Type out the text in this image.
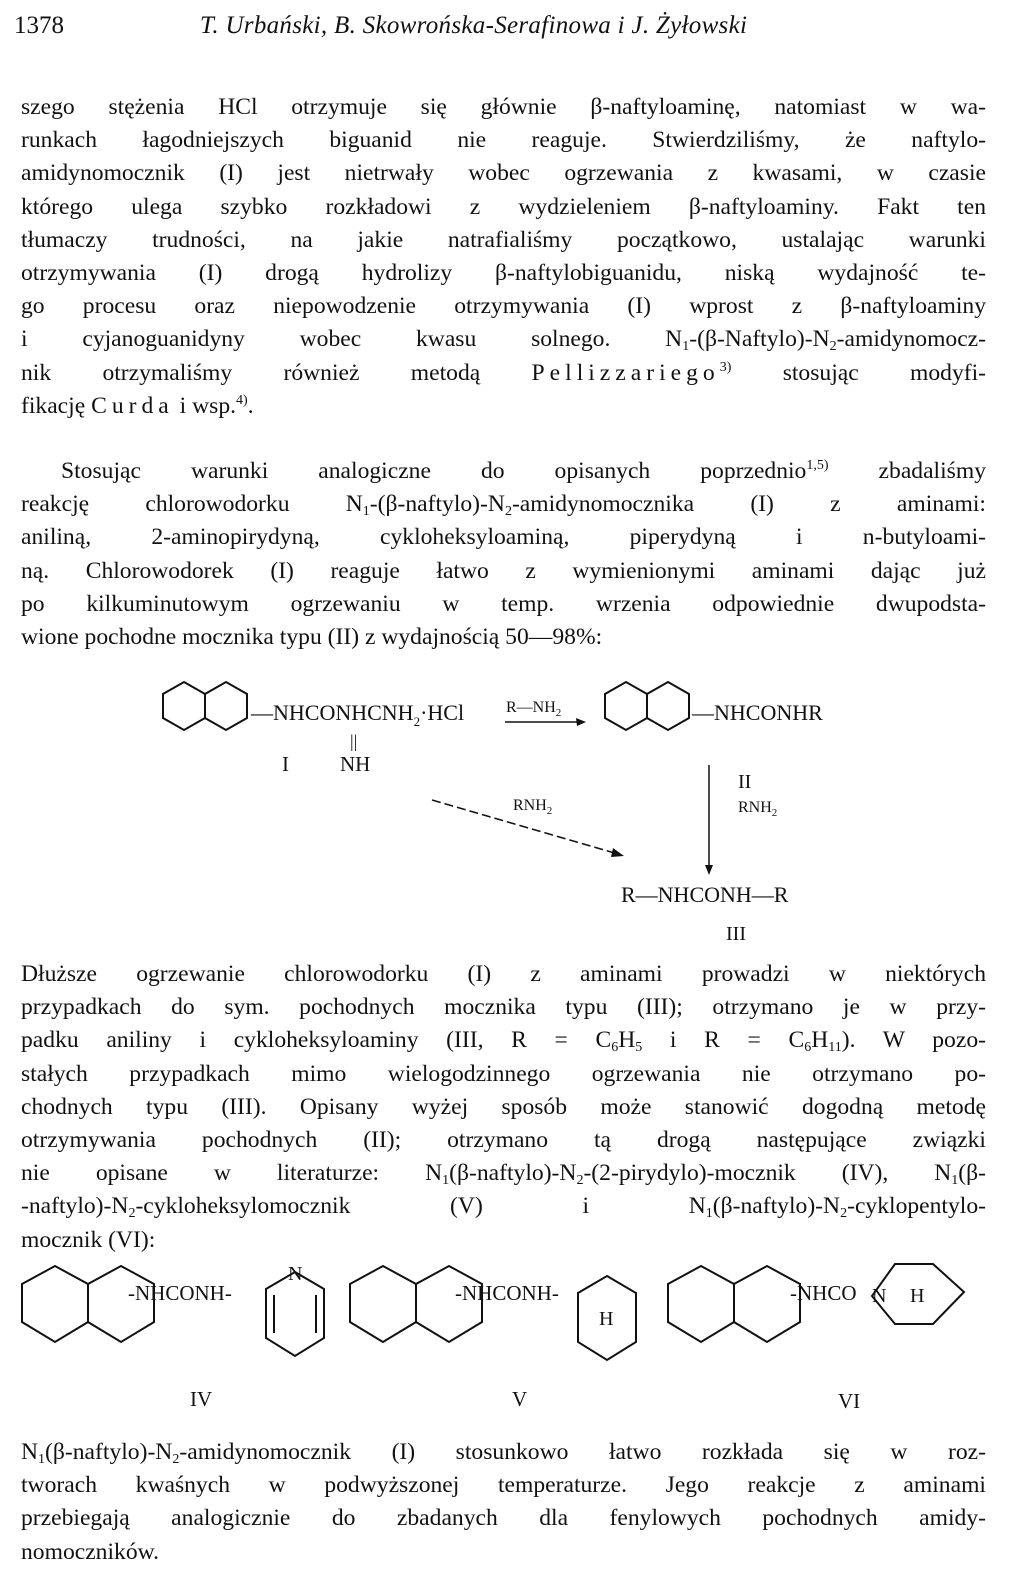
1378	T. Urbański, B. Skowrońska-Serafinowa i J. Żyłowski
szego stężenia HCl otrzymuje się głównie β-naftyloaminę, natomiast w wa-
runkach łagodniejszych biguanid nie reaguje. Stwierdziliśmy, że naftylo-
amidynomocznik (I) jest nietrwały wobec ogrzewania z kwasami, w czasie
którego ulega szybko rozkładowi z wydzieleniem β-naftyloaminy. Fakt ten
tłumaczy trudności, na jakie natrafialiśmy początkowo, ustalając warunki
otrzymywania (I) drogą hydrolizy β-naftylobiguanidu, niską wydajność te-
go procesu oraz niepowodzenie otrzymywania (I) wprost z β-naftyloaminy
i cyjanoguanidyny wobec kwasu solnego. $N_1-(\beta-Naftylo)-N_2-amidynomocz-$
nik otrzymaliśmy również metodą Pellizzariego$^{3)}$ stosując modyfi-
fikację Curda i wsp.$^{4)}$.
Stosując warunki analogiczne do opisanych poprzednio$^{1,5)}$ zbadaliśmy
reakcję chlorowodorku $N_1-(\beta-naftylo)-N_2$-amidynomocznika (I) z aminami:
aniliną, 2-aminopirydyną, cykloheksyloaminą, piperydyną i n-butyloami-
ną. Chlorowodorek (I) reaguje łatwo z wymienionymi aminami dając już
po kilkuminutowym ogrzewaniu w temp. wrzenia odpowiednie dwupodsta-
wione pochodne mocznika typu (II) z wydajnością 50—98%:
$—NHCONHCNH_2\cdot HCl$
||
NH
I
$R—NH_2$	—NHCONHR
II
$RNH_2$
$RNH_2$
R—NHCONH—R
III
Dłuższe ogrzewanie chlorowodorku (I) z aminami prowadzi w niektórych
przypadkach do sym. pochodnych mocznika typu (III); otrzymano je w przy-
padku aniliny i cykloheksyloaminy (III, $R = C_6H_5$ i $R = C_6H_{11}$). W pozo-
stałych przypadkach mimo wielogodzinnego ogrzewania nie otrzymano po-
chodnych typu (III). Opisany wyżej sposób może stanowić dogodną metodę
otrzymywania pochodnych (II); otrzymano tą drogą następujące związki
nie opisane w literaturze: $N_1(\beta-naftylo)-N_2-(2-pirydylo)$-mocznik (IV), $N_1(\beta-$
$-naftylo)-N_2$-cykloheksylomocznik (V) i $N_1(\beta-naftylo)-N_2-cyklopentylo-$
mocznik (VI):
-NHCONH-
N
IV
-NHCONH-
H
V
-NHCO N H
VI
$N_1(\beta-naftylo)-N_2$-amidynomocznik (I) stosunkowo łatwo rozkłada się w roz-
tworach kwaśnych w podwyższonej temperaturze. Jego reakcje z aminami
przebiegają analogicznie do zbadanych dla fenylowych pochodnych amidy-
nomoczników.
